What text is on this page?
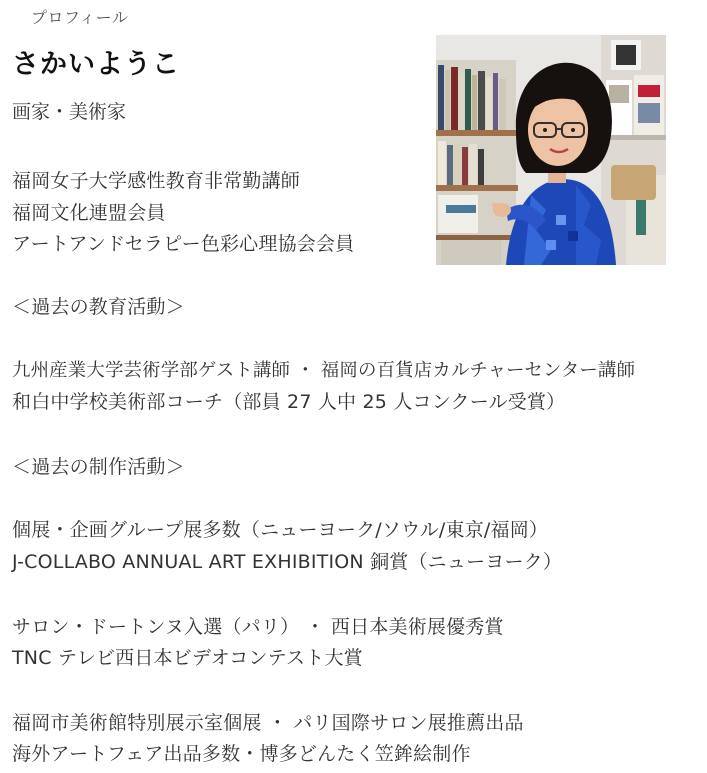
プロフィール
さかいようこ
画家・美術家
福岡女子大学感性教育非常勤講師
福岡文化連盟会員
アートアンドセラピー色彩心理協会会員
＜過去の教育活動＞
九州産業大学芸術学部ゲスト講師 ・ 福岡の百貨店カルチャーセンター講師
和白中学校美術部コーチ（部員 27 人中 25 人コンクール受賞）
＜過去の制作活動＞
個展・企画グループ展多数（ニューヨーク/ソウル/東京/福岡）
J-COLLABO ANNUAL ART EXHIBITION 銅賞（ニューヨーク）
サロン・ドートンヌ入選（パリ） ・ 西日本美術展優秀賞
TNC テレビ西日本ビデオコンテスト大賞
福岡市美術館特別展示室個展 ・ パリ国際サロン展推薦出品
海外アートフェア出品多数・博多どんたく笠鉾絵制作
